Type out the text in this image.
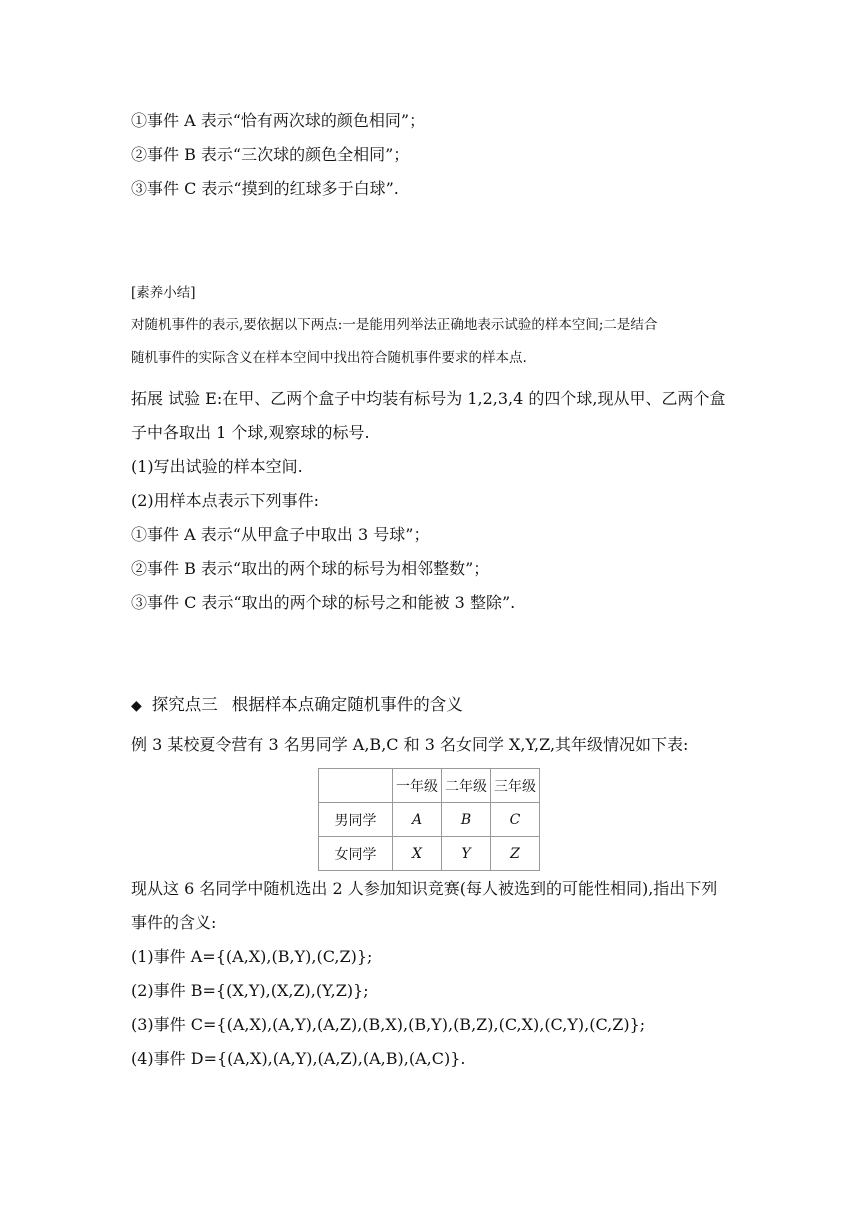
①事件 A 表示“恰有两次球的颜色相同”；
②事件 B 表示“三次球的颜色全相同”；
③事件 C 表示“摸到的红球多于白球”.
[素养小结]
对随机事件的表示,要依据以下两点:一是能用列举法正确地表示试验的样本空间;二是结合
随机事件的实际含义在样本空间中找出符合随机事件要求的样本点.
拓展 试验 E:在甲、乙两个盒子中均装有标号为 1,2,3,4 的四个球,现从甲、乙两个盒
子中各取出 1 个球,观察球的标号.
(1)写出试验的样本空间.
(2)用样本点表示下列事件:
①事件 A 表示“从甲盒子中取出 3 号球”；
②事件 B 表示“取出的两个球的标号为相邻整数”；
③事件 C 表示“取出的两个球的标号之和能被 3 整除”.
◆ 探究点三 根据样本点确定随机事件的含义
例 3 某校夏令营有 3 名男同学 A,B,C 和 3 名女同学 X,Y,Z,其年级情况如下表:
	一年级	二年级	三年级
男同学	A	B	C
女同学	X	Y	Z
现从这 6 名同学中随机选出 2 人参加知识竞赛(每人被选到的可能性相同),指出下列
事件的含义:
(1)事件 A={(A,X),(B,Y),(C,Z)};
(2)事件 B={(X,Y),(X,Z),(Y,Z)};
(3)事件 C={(A,X),(A,Y),(A,Z),(B,X),(B,Y),(B,Z),(C,X),(C,Y),(C,Z)};
(4)事件 D={(A,X),(A,Y),(A,Z),(A,B),(A,C)}.
